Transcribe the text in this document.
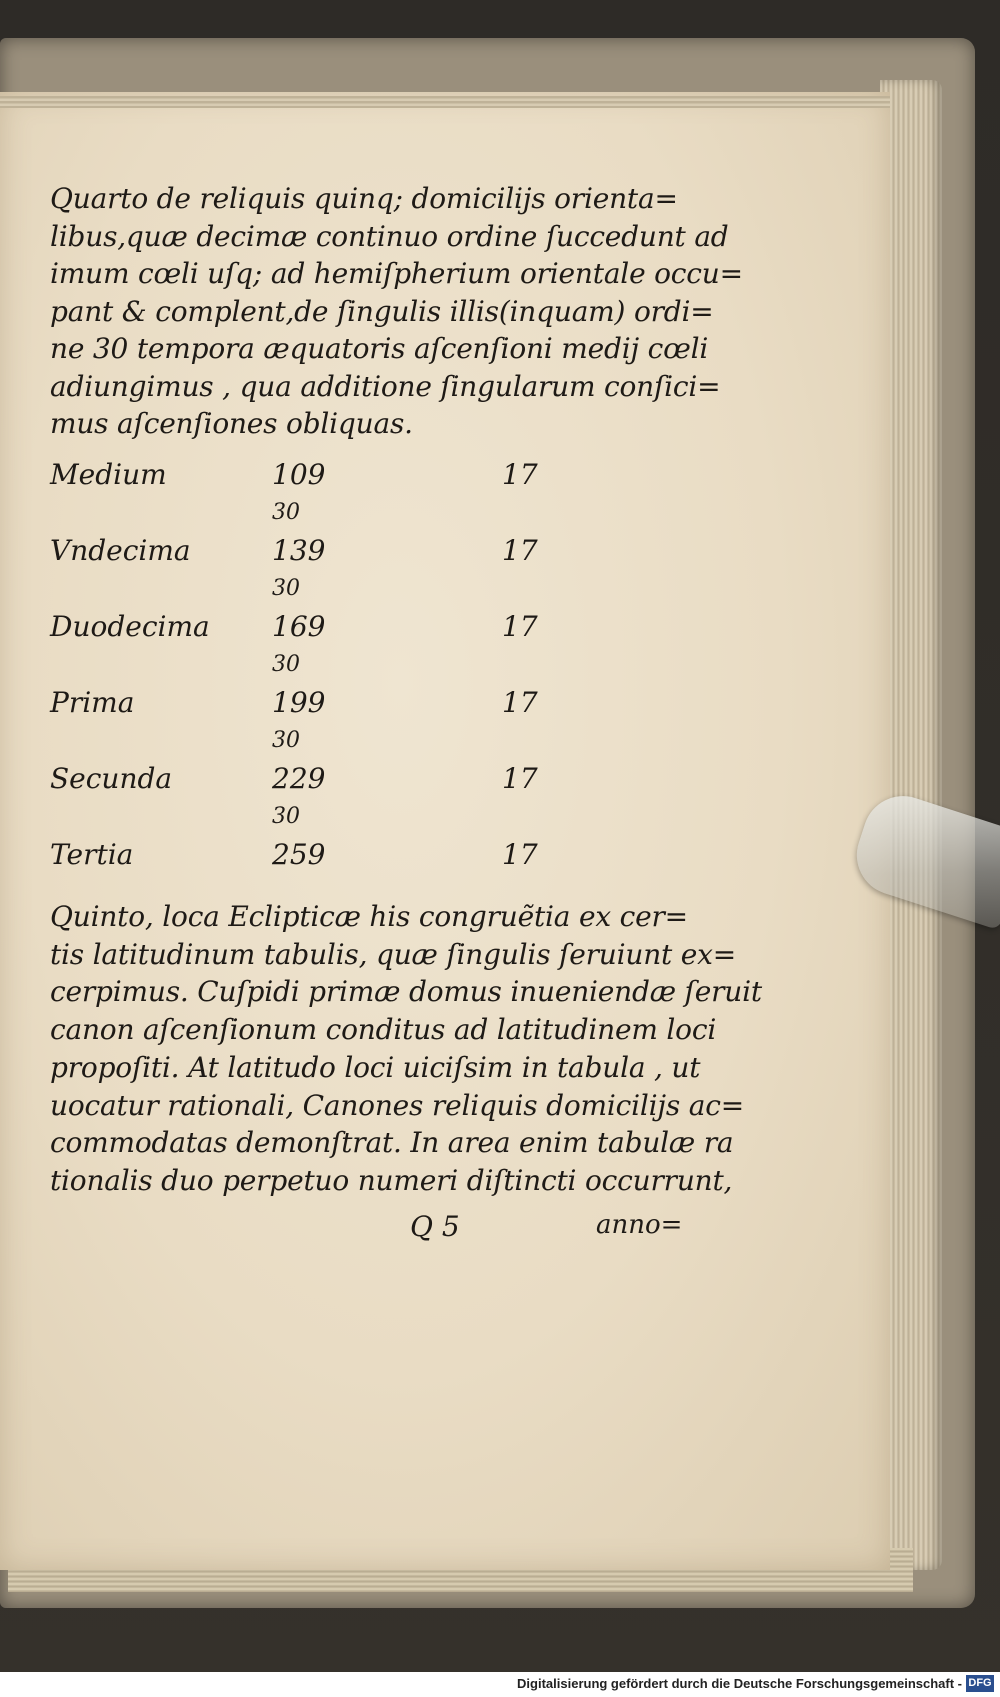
Quarto de reliquis quinq; domicilijs orienta=

libus,quæ decimæ continuo ordine ſuccedunt ad

imum cœli uſq; ad hemiſpherium orientale occu=

pant & complent,de ſingulis illis(inquam) ordi=

ne 30 tempora æquatoris aſcenſioni medij cœli

adiungimus , qua additione ſingularum conſici=

mus aſcenſiones obliquas.

Medium	109	17
30
Vndecima	139	17
30
Duodecima 169	17
30
Prima	199	17
30
Secunda	229	17
30
Tertia	259	17

Quinto, loca Eclipticæ his congruẽtia ex cer=

tis latitudinum tabulis, quæ ſingulis ſeruiunt ex=

cerpimus. Cuſpidi primæ domus inueniendæ ſeruit

canon aſcenſionum conditus ad latitudinem loci

propoſiti. At latitudo loci uiciſsim in tabula , ut

uocatur rationali, Canones reliquis domicilijs ac=

commodatas demonſtrat. In area enim tabulæ ra

tionalis duo perpetuo numeri diſtincti occurrunt,

Q 5	anno=
Digitalisierung gefördert durch die Deutsche Forschungsgemeinschaft - DFG
